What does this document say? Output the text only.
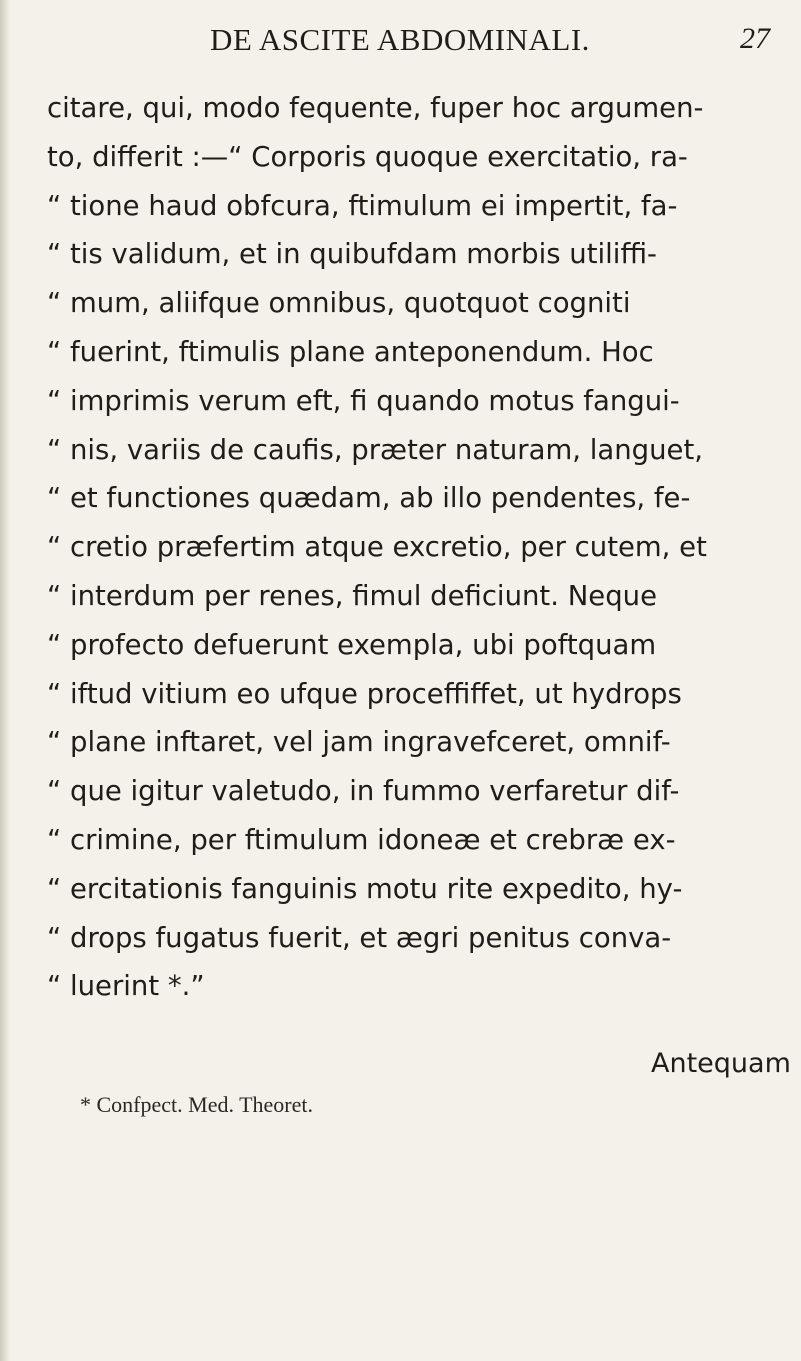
DE ASCITE ABDOMINALI.	27
citare, qui, modo fequente, fuper hoc argumen-
to, differit :—“ Corporis quoque exercitatio, ra-
“ tione haud obfcura, ftimulum ei impertit, fa-
“ tis validum, et in quibufdam morbis utiliffi-
“ mum, aliifque omnibus, quotquot cogniti
“ fuerint, ftimulis plane anteponendum. Hoc
“ imprimis verum eft, fi quando motus fangui-
“ nis, variis de caufis, præter naturam, languet,
“ et functiones quædam, ab illo pendentes, fe-
“ cretio præfertim atque excretio, per cutem, et
“ interdum per renes, fimul deficiunt. Neque
“ profecto defuerunt exempla, ubi poftquam
“ iftud vitium eo ufque proceffiffet, ut hydrops
“ plane inftaret, vel jam ingravefceret, omnif-
“ que igitur valetudo, in fummo verfaretur dif-
“ crimine, per ftimulum idoneæ et crebræ ex-
“ ercitationis fanguinis motu rite expedito, hy-
“ drops fugatus fuerit, et ægri penitus conva-
“ luerint *.”
Antequam
* Confpect. Med. Theoret.
